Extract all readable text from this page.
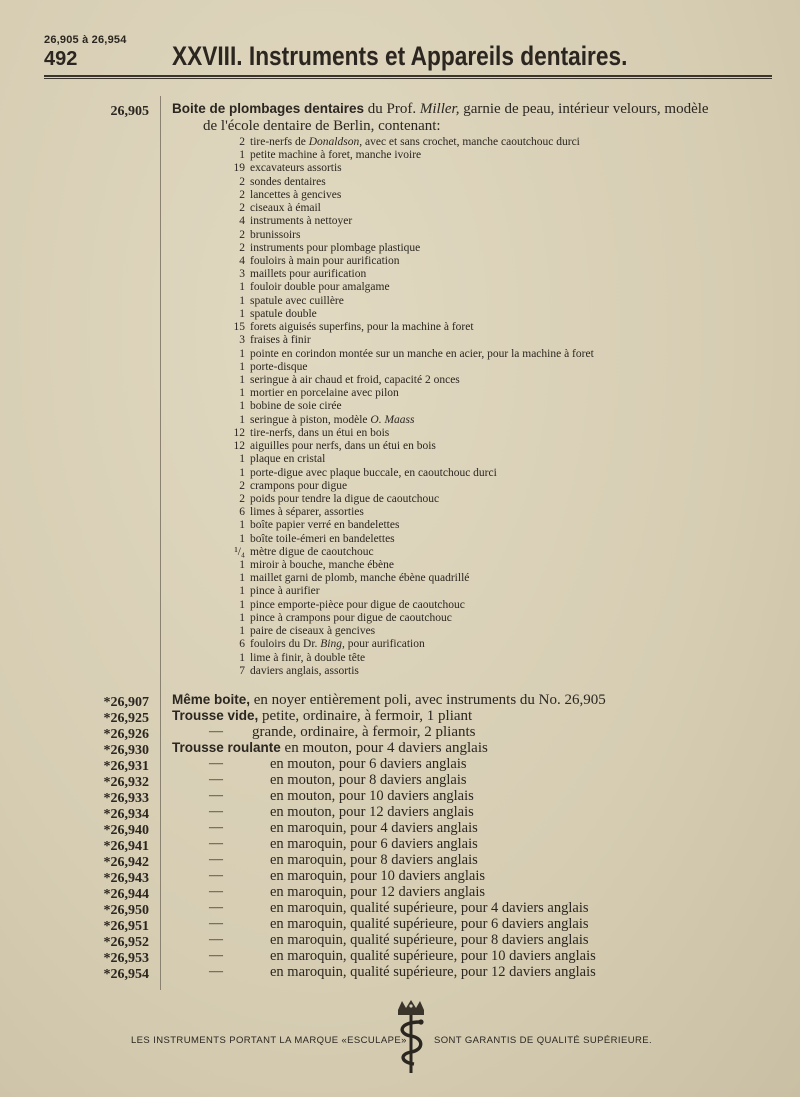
26,905 à 26,954
492	XXVIII. Instruments et Appareils dentaires.
26,905 Boite de plombages dentaires du Prof. Miller, garnie de peau, intérieur velours, modèle
de l'école dentaire de Berlin, contenant:
2 tire-nerfs de Donaldson, avec et sans crochet, manche caoutchouc durci
1 petite machine à foret, manche ivoire
19 excavateurs assortis
2 sondes dentaires
2 lancettes à gencives
2 ciseaux à émail
4 instruments à nettoyer
2 brunissoirs
2 instruments pour plombage plastique
4 fouloirs à main pour aurification
3 maillets pour aurification
1 fouloir double pour amalgame
1 spatule avec cuillère
1 spatule double
15 forets aiguisés superfins, pour la machine à foret
3 fraises à finir
1 pointe en corindon montée sur un manche en acier, pour la machine à foret
1 porte-disque
1 seringue à air chaud et froid, capacité 2 onces
1 mortier en porcelaine avec pilon
1 bobine de soie cirée
1 seringue à piston, modèle O. Maass
12 tire-nerfs, dans un étui en bois
12 aiguilles pour nerfs, dans un étui en bois
1 plaque en cristal
1 porte-digue avec plaque buccale, en caoutchouc durci
2 crampons pour digue
2 poids pour tendre la digue de caoutchouc
6 limes à séparer, assorties
1 boîte papier verré en bandelettes
1 boîte toile-émeri en bandelettes
¹/₄ mètre digue de caoutchouc
1 miroir à bouche, manche ébène
1 maillet garni de plomb, manche ébène quadrillé
1 pince à aurifier
1 pince emporte-pièce pour digue de caoutchouc
1 pince à crampons pour digue de caoutchouc
1 paire de ciseaux à gencives
6 fouloirs du Dr. Bing, pour aurification
1 lime à finir, à double tête
7 daviers anglais, assortis
*26,907 Même boite, en noyer entièrement poli, avec instruments du No. 26,905
*26,925 Trousse vide, petite, ordinaire, à fermoir, 1 pliant
*26,926	—	grande, ordinaire, à fermoir, 2 pliants
*26,930 Trousse roulante en mouton, pour 4 daviers anglais
*26,931	—	en mouton, pour 6 daviers anglais
*26,932	—	en mouton, pour 8 daviers anglais
*26,933	—	en mouton, pour 10 daviers anglais
*26,934	—	en mouton, pour 12 daviers anglais
*26,940	—	en maroquin, pour 4 daviers anglais
*26,941	—	en maroquin, pour 6 daviers anglais
*26,942	—	en maroquin, pour 8 daviers anglais
*26,943	—	en maroquin, pour 10 daviers anglais
*26,944	—	en maroquin, pour 12 daviers anglais
*26,950	—	en maroquin, qualité supérieure, pour 4 daviers anglais
*26,951	—	en maroquin, qualité supérieure, pour 6 daviers anglais
*26,952	—	en maroquin, qualité supérieure, pour 8 daviers anglais
*26,953	—	en maroquin, qualité supérieure, pour 10 daviers anglais
*26,954	—	en maroquin, qualité supérieure, pour 12 daviers anglais
LES INSTRUMENTS PORTANT LA MARQUE «ESCULAPE»	SONT GARANTIS DE QUALITÉ SUPÉRIEURE.
